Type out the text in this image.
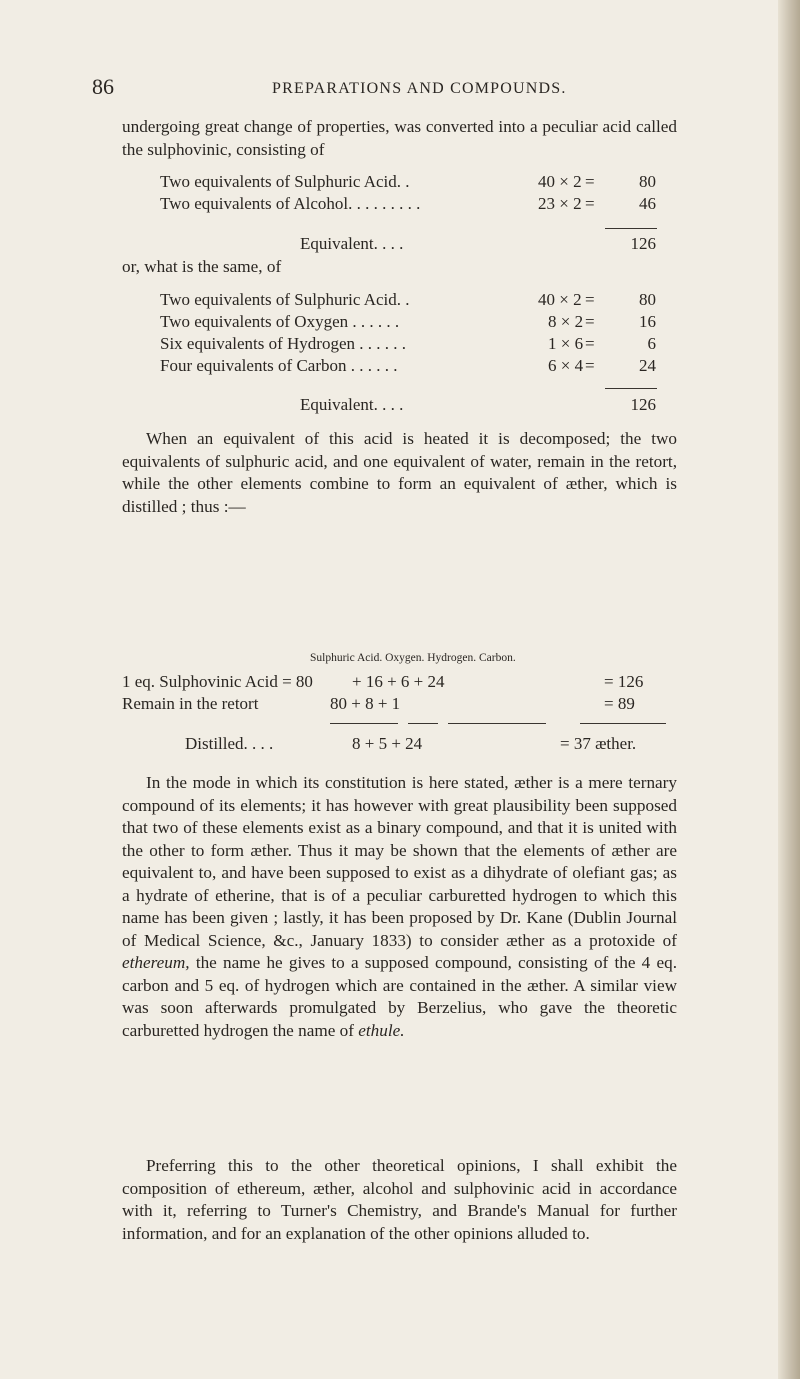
86	PREPARATIONS AND COMPOUNDS.
undergoing great change of properties, was converted into a peculiar acid called the sulphovinic, consisting of
Two equivalents of Sulphuric Acid. .	40 × 2 =	80
Two equivalents of Alcohol. . . . . . . . .	23 × 2 =	46
Equivalent. . . .	126
or, what is the same, of
Two equivalents of Sulphuric Acid. .	40 × 2 =	80
Two equivalents of Oxygen . . . . . .	8 × 2 =	16
Six equivalents of Hydrogen . . . . . .	1 × 6 =	6
Four equivalents of Carbon . . . . . .	6 × 4 =	24
Equivalent. . . .	126
When an equivalent of this acid is heated it is decomposed; the two equivalents of sulphuric acid, and one equivalent of water, remain in the retort, while the other elements combine to form an equivalent of æther, which is distilled ; thus :—
Sulphuric Acid. Oxygen. Hydrogen. Carbon.
1 eq. Sulphovinic Acid = 80 + 16 + 6 + 24	= 126
Remain in the retort	80 + 8 + 1	= 89
Distilled. . . .	8 + 5 + 24	= 37 æther.
In the mode in which its constitution is here stated, æther is a mere ternary compound of its elements; it has however with great plausibility been supposed that two of these elements exist as a binary compound, and that it is united with the other to form æther. Thus it may be shown that the elements of æther are equivalent to, and have been supposed to exist as a dihydrate of olefiant gas; as a hydrate of etherine, that is of a peculiar carburetted hydrogen to which this name has been given ; lastly, it has been proposed by Dr. Kane (Dublin Journal of Medical Science, &c., January 1833) to consider æther as a protoxide of ethereum, the name he gives to a supposed compound, consisting of the 4 eq. carbon and 5 eq. of hydrogen which are contained in the æther. A similar view was soon afterwards promulgated by Berzelius, who gave the theoretic carburetted hydrogen the name of ethule.
Preferring this to the other theoretical opinions, I shall exhibit the composition of ethereum, æther, alcohol and sulphovinic acid in accordance with it, referring to Turner's Chemistry, and Brande's Manual for further information, and for an explanation of the other opinions alluded to.
